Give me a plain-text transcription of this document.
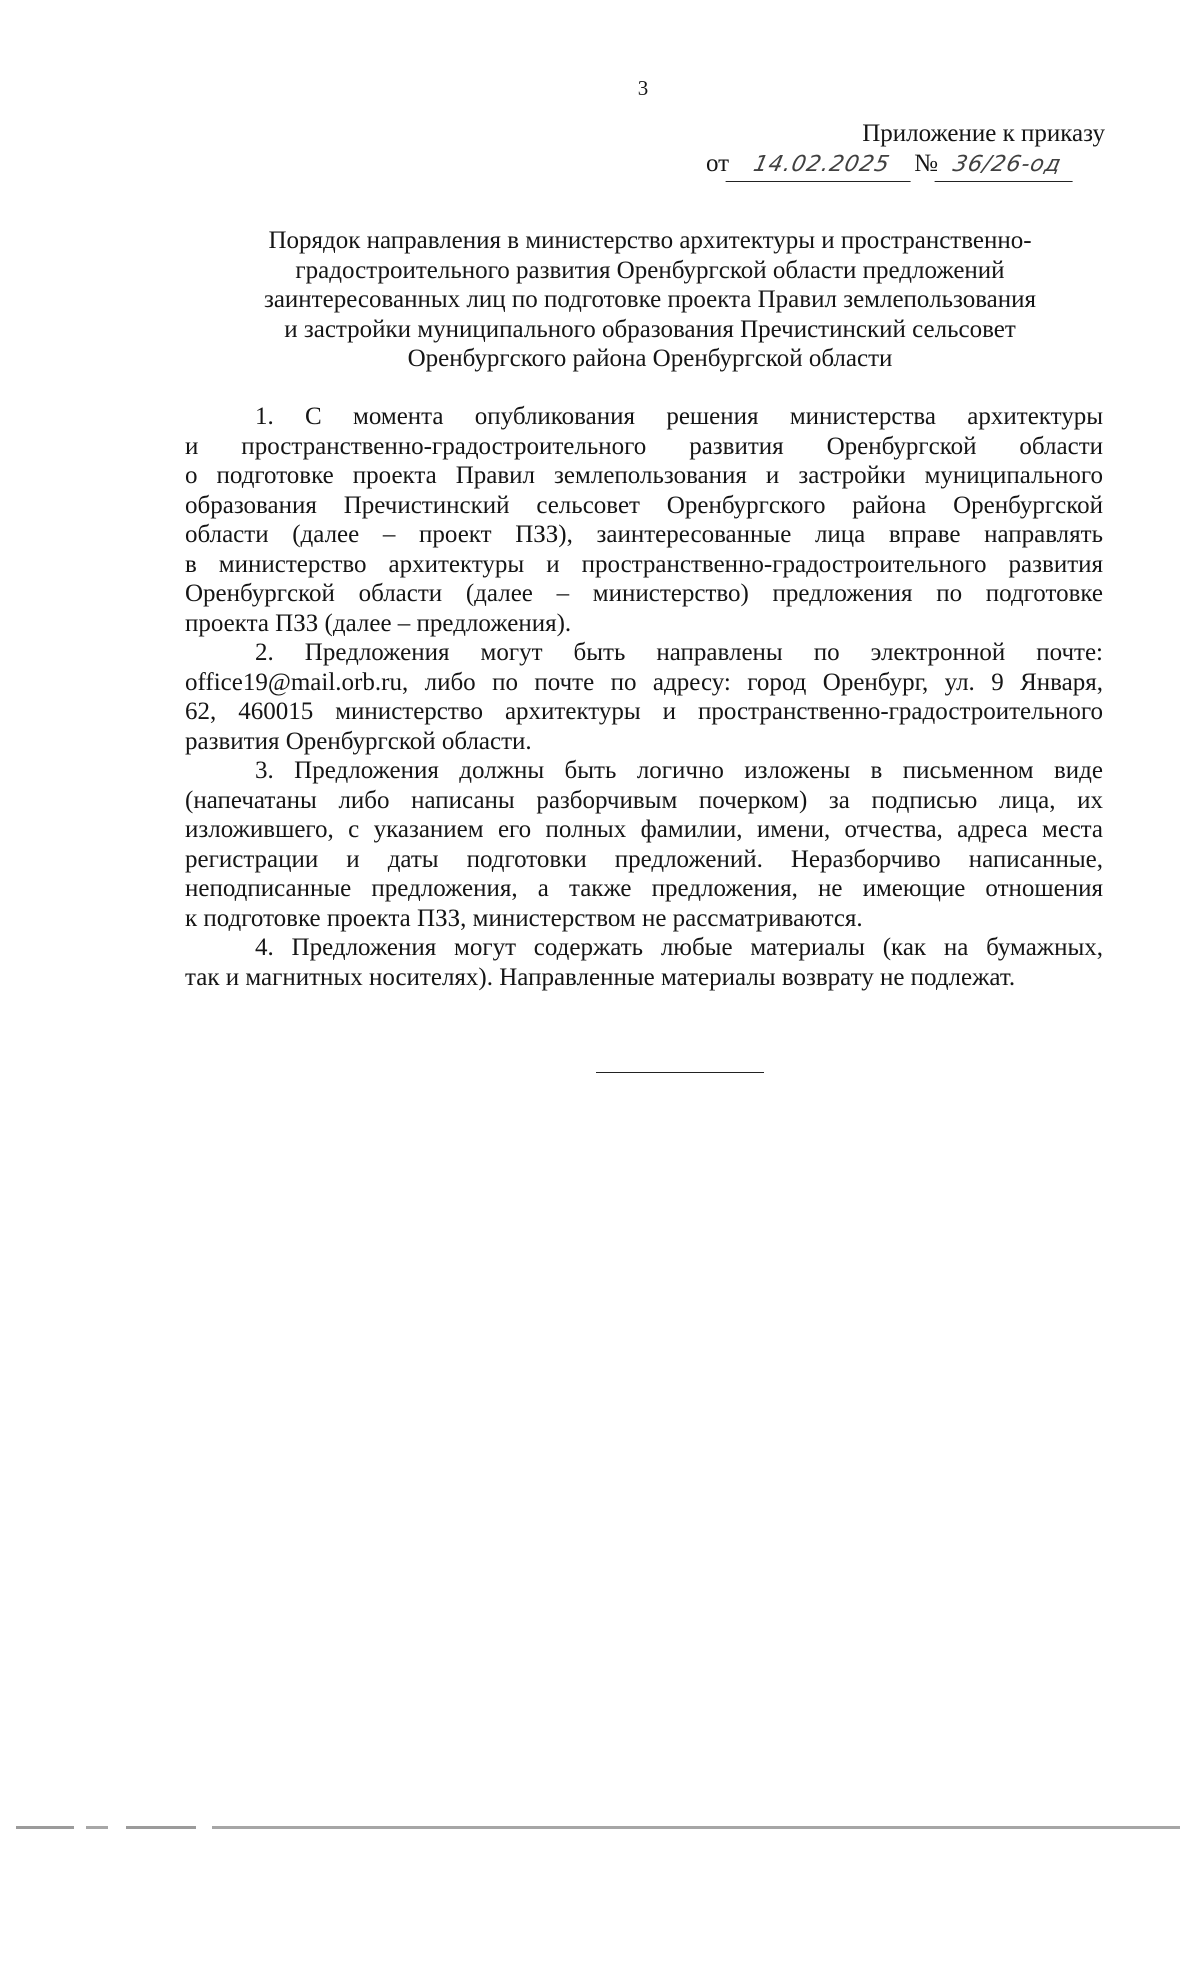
3
Приложение к приказу
от 14.02.2025 № 36/26-од
Порядок направления в министерство архитектуры и пространственно-
градостроительного развития Оренбургской области предложений
заинтересованных лиц по подготовке проекта Правил землепользования
и застройки муниципального образования Пречистинский сельсовет
Оренбургского района Оренбургской области
1. С момента опубликования решения министерства архитектуры
и пространственно-градостроительного развития Оренбургской области
о подготовке проекта Правил землепользования и застройки муниципального
образования Пречистинский сельсовет Оренбургского района Оренбургской
области (далее – проект ПЗЗ), заинтересованные лица вправе направлять
в министерство архитектуры и пространственно-градостроительного развития
Оренбургской области (далее – министерство) предложения по подготовке
проекта ПЗЗ (далее – предложения).
2. Предложения могут быть направлены по электронной почте:
office19@mail.orb.ru, либо по почте по адресу: город Оренбург, ул. 9 Января,
62, 460015 министерство архитектуры и пространственно-градостроительного
развития Оренбургской области.
3. Предложения должны быть логично изложены в письменном виде
(напечатаны либо написаны разборчивым почерком) за подписью лица, их
изложившего, с указанием его полных фамилии, имени, отчества, адреса места
регистрации и даты подготовки предложений. Неразборчиво написанные,
неподписанные предложения, а также предложения, не имеющие отношения
к подготовке проекта ПЗЗ, министерством не рассматриваются.
4. Предложения могут содержать любые материалы (как на бумажных,
так и магнитных носителях). Направленные материалы возврату не подлежат.
